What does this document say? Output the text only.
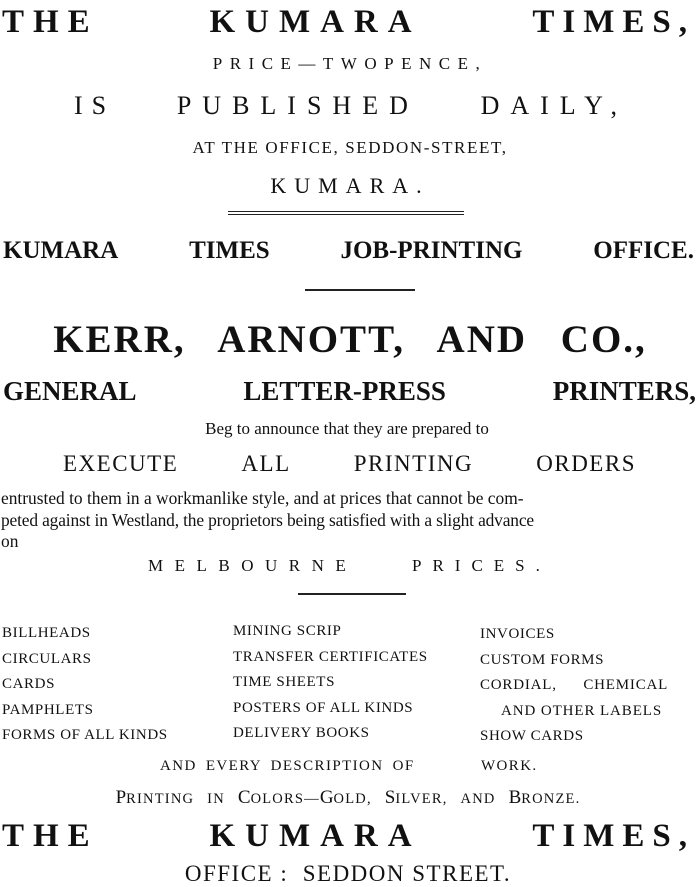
THE	KUMARA	TIMES,
PRICE—TWOPENCE,
IS PUBLISHED DAILY,
AT THE OFFICE, SEDDON-STREET,
KUMARA.
KUMARA	TIMES	JOB-PRINTING	OFFICE.
KERR, ARNOTT, AND CO.,
GENERAL	LETTER-PRESS	PRINTERS,
Beg to announce that they are prepared to
EXECUTE	ALL	PRINTING	ORDERS
entrusted to them in a workmanlike style, and at prices that cannot be com-
peted against in Westland, the proprietors being satisfied with a slight advance
on
MELBOURNE	PRICES.
BILLHEADS
CIRCULARS
CARDS
PAMPHLETS
FORMS OF ALL KINDS
MINING SCRIP
TRANSFER CERTIFICATES
TIME SHEETS
POSTERS OF ALL KINDS
DELIVERY BOOKS
INVOICES
CUSTOM FORMS
CORDIAL, CHEMICAL
AND OTHER LABELS
SHOW CARDS
AND EVERY DESCRIPTION OF	WORK.
PRINTING IN COLORS—GOLD, SILVER, AND BRONZE.
THE	KUMARA	TIMES,
OFFICE :  SEDDON STREET.
